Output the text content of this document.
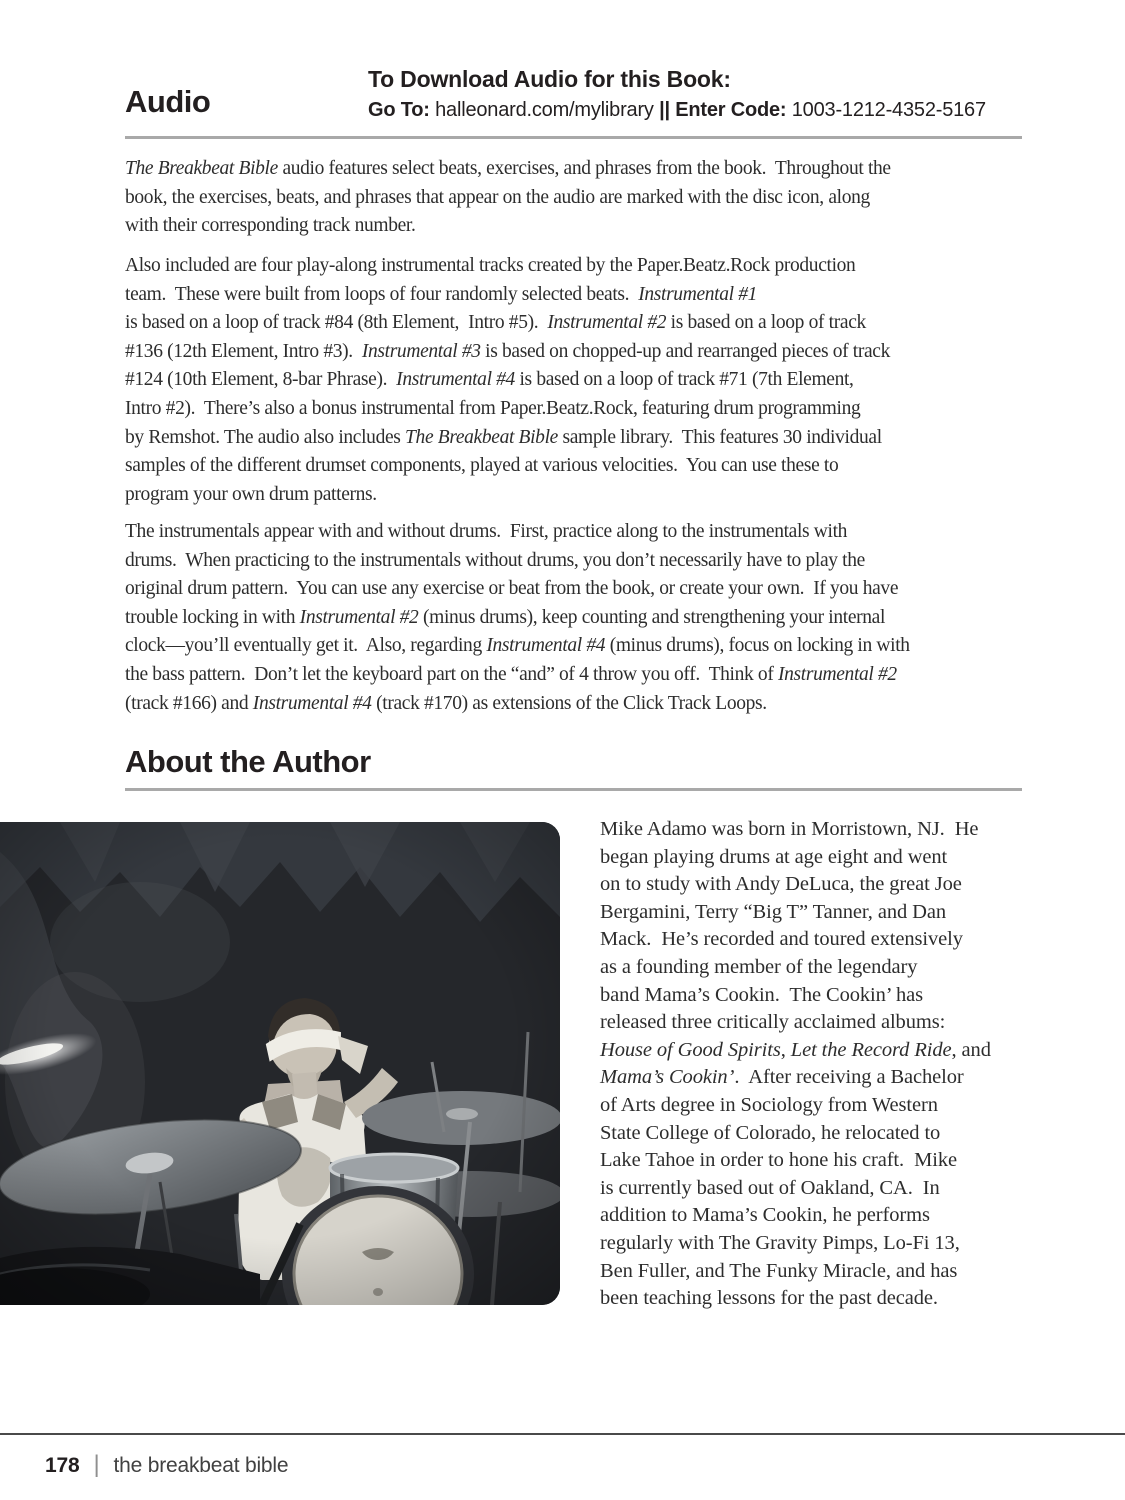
Audio
To Download Audio for this Book:
Go To: halleonard.com/mylibrary || Enter Code: 1003-1212-4352-5167

The Breakbeat Bible audio features select beats, exercises, and phrases from the book.  Throughout the
book, the exercises, beats, and phrases that appear on the audio are marked with the disc icon, along
with their corresponding track number.

Also included are four play-along instrumental tracks created by the Paper.Beatz.Rock production
team.  These were built from loops of four randomly selected beats.  Instrumental #1
is based on a loop of track #84 (8th Element,  Intro #5).  Instrumental #2 is based on a loop of track
#136 (12th Element, Intro #3).  Instrumental #3 is based on chopped-up and rearranged pieces of track
#124 (10th Element, 8-bar Phrase).  Instrumental #4 is based on a loop of track #71 (7th Element,
Intro #2).  There’s also a bonus instrumental from Paper.Beatz.Rock, featuring drum programming
by Remshot. The audio also includes The Breakbeat Bible sample library.  This features 30 individual
samples of the different drumset components, played at various velocities.  You can use these to
program your own drum patterns.

The instrumentals appear with and without drums.  First, practice along to the instrumentals with
drums.  When practicing to the instrumentals without drums, you don’t necessarily have to play the
original drum pattern.  You can use any exercise or beat from the book, or create your own.  If you have
trouble locking in with Instrumental #2 (minus drums), keep counting and strengthening your internal
clock—you’ll eventually get it.  Also, regarding Instrumental #4 (minus drums), focus on locking in with
the bass pattern.  Don’t let the keyboard part on the “and” of 4 throw you off.  Think of Instrumental #2
(track #166) and Instrumental #4 (track #170) as extensions of the Click Track Loops.

About the Author
Mike Adamo was born in Morristown, NJ.  He
began playing drums at age eight and went
on to study with Andy DeLuca, the great Joe
Bergamini, Terry “Big T” Tanner, and Dan
Mack.  He’s recorded and toured extensively
as a founding member of the legendary
band Mama’s Cookin.  The Cookin’ has
released three critically acclaimed albums:
House of Good Spirits, Let the Record Ride, and
Mama’s Cookin’.  After receiving a Bachelor
of Arts degree in Sociology from Western
State College of Colorado, he relocated to
Lake Tahoe in order to hone his craft.  Mike
is currently based out of Oakland, CA.  In
addition to Mama’s Cookin, he performs
regularly with The Gravity Pimps, Lo-Fi 13,
Ben Fuller, and The Funky Miracle, and has
been teaching lessons for the past decade.
178 | the breakbeat bible
